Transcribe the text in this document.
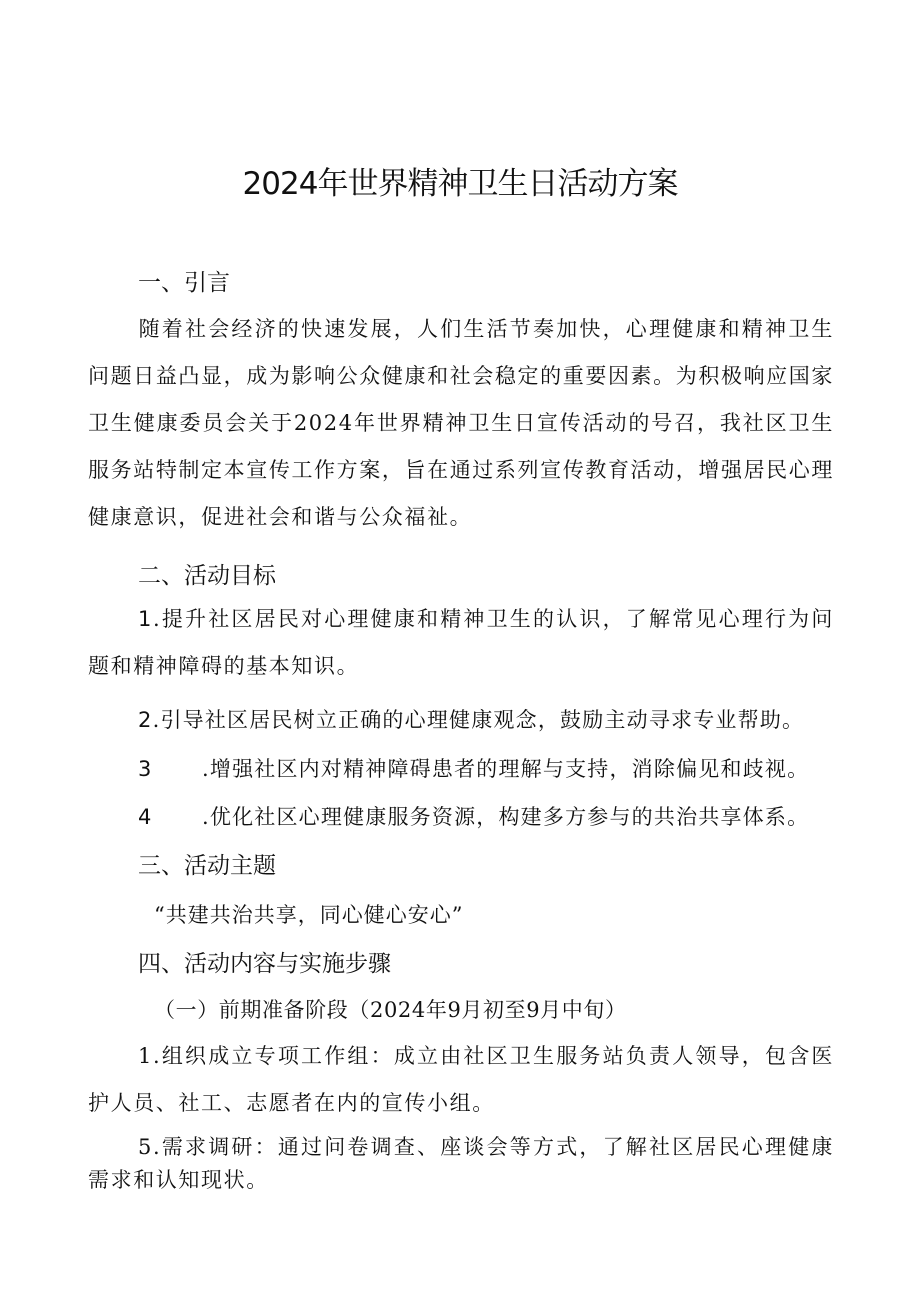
2024年世界精神卫生日活动方案
一、引言

随着社会经济的快速发展，人们生活节奏加快，心理健康和精神卫生问题日益凸显，成为影响公众健康和社会稳定的重要因素。为积极响应国家卫生健康委员会关于2024年世界精神卫生日宣传活动的号召，我社区卫生服务站特制定本宣传工作方案，旨在通过系列宣传教育活动，增强居民心理健康意识，促进社会和谐与公众福祉。

二、活动目标

1.提升社区居民对心理健康和精神卫生的认识，了解常见心理行为问题和精神障碍的基本知识。

2.引导社区居民树立正确的心理健康观念，鼓励主动寻求专业帮助。

3 .增强社区内对精神障碍患者的理解与支持，消除偏见和歧视。

4 .优化社区心理健康服务资源，构建多方参与的共治共享体系。

三、活动主题

“共建共治共享，同心健心安心”

四、活动内容与实施步骤

（一）前期准备阶段（2024年9月初至9月中旬）

1.组织成立专项工作组：成立由社区卫生服务站负责人领导，包含医护人员、社工、志愿者在内的宣传小组。

5.需求调研：通过问卷调查、座谈会等方式，了解社区居民心理健康需求和认知现状。
